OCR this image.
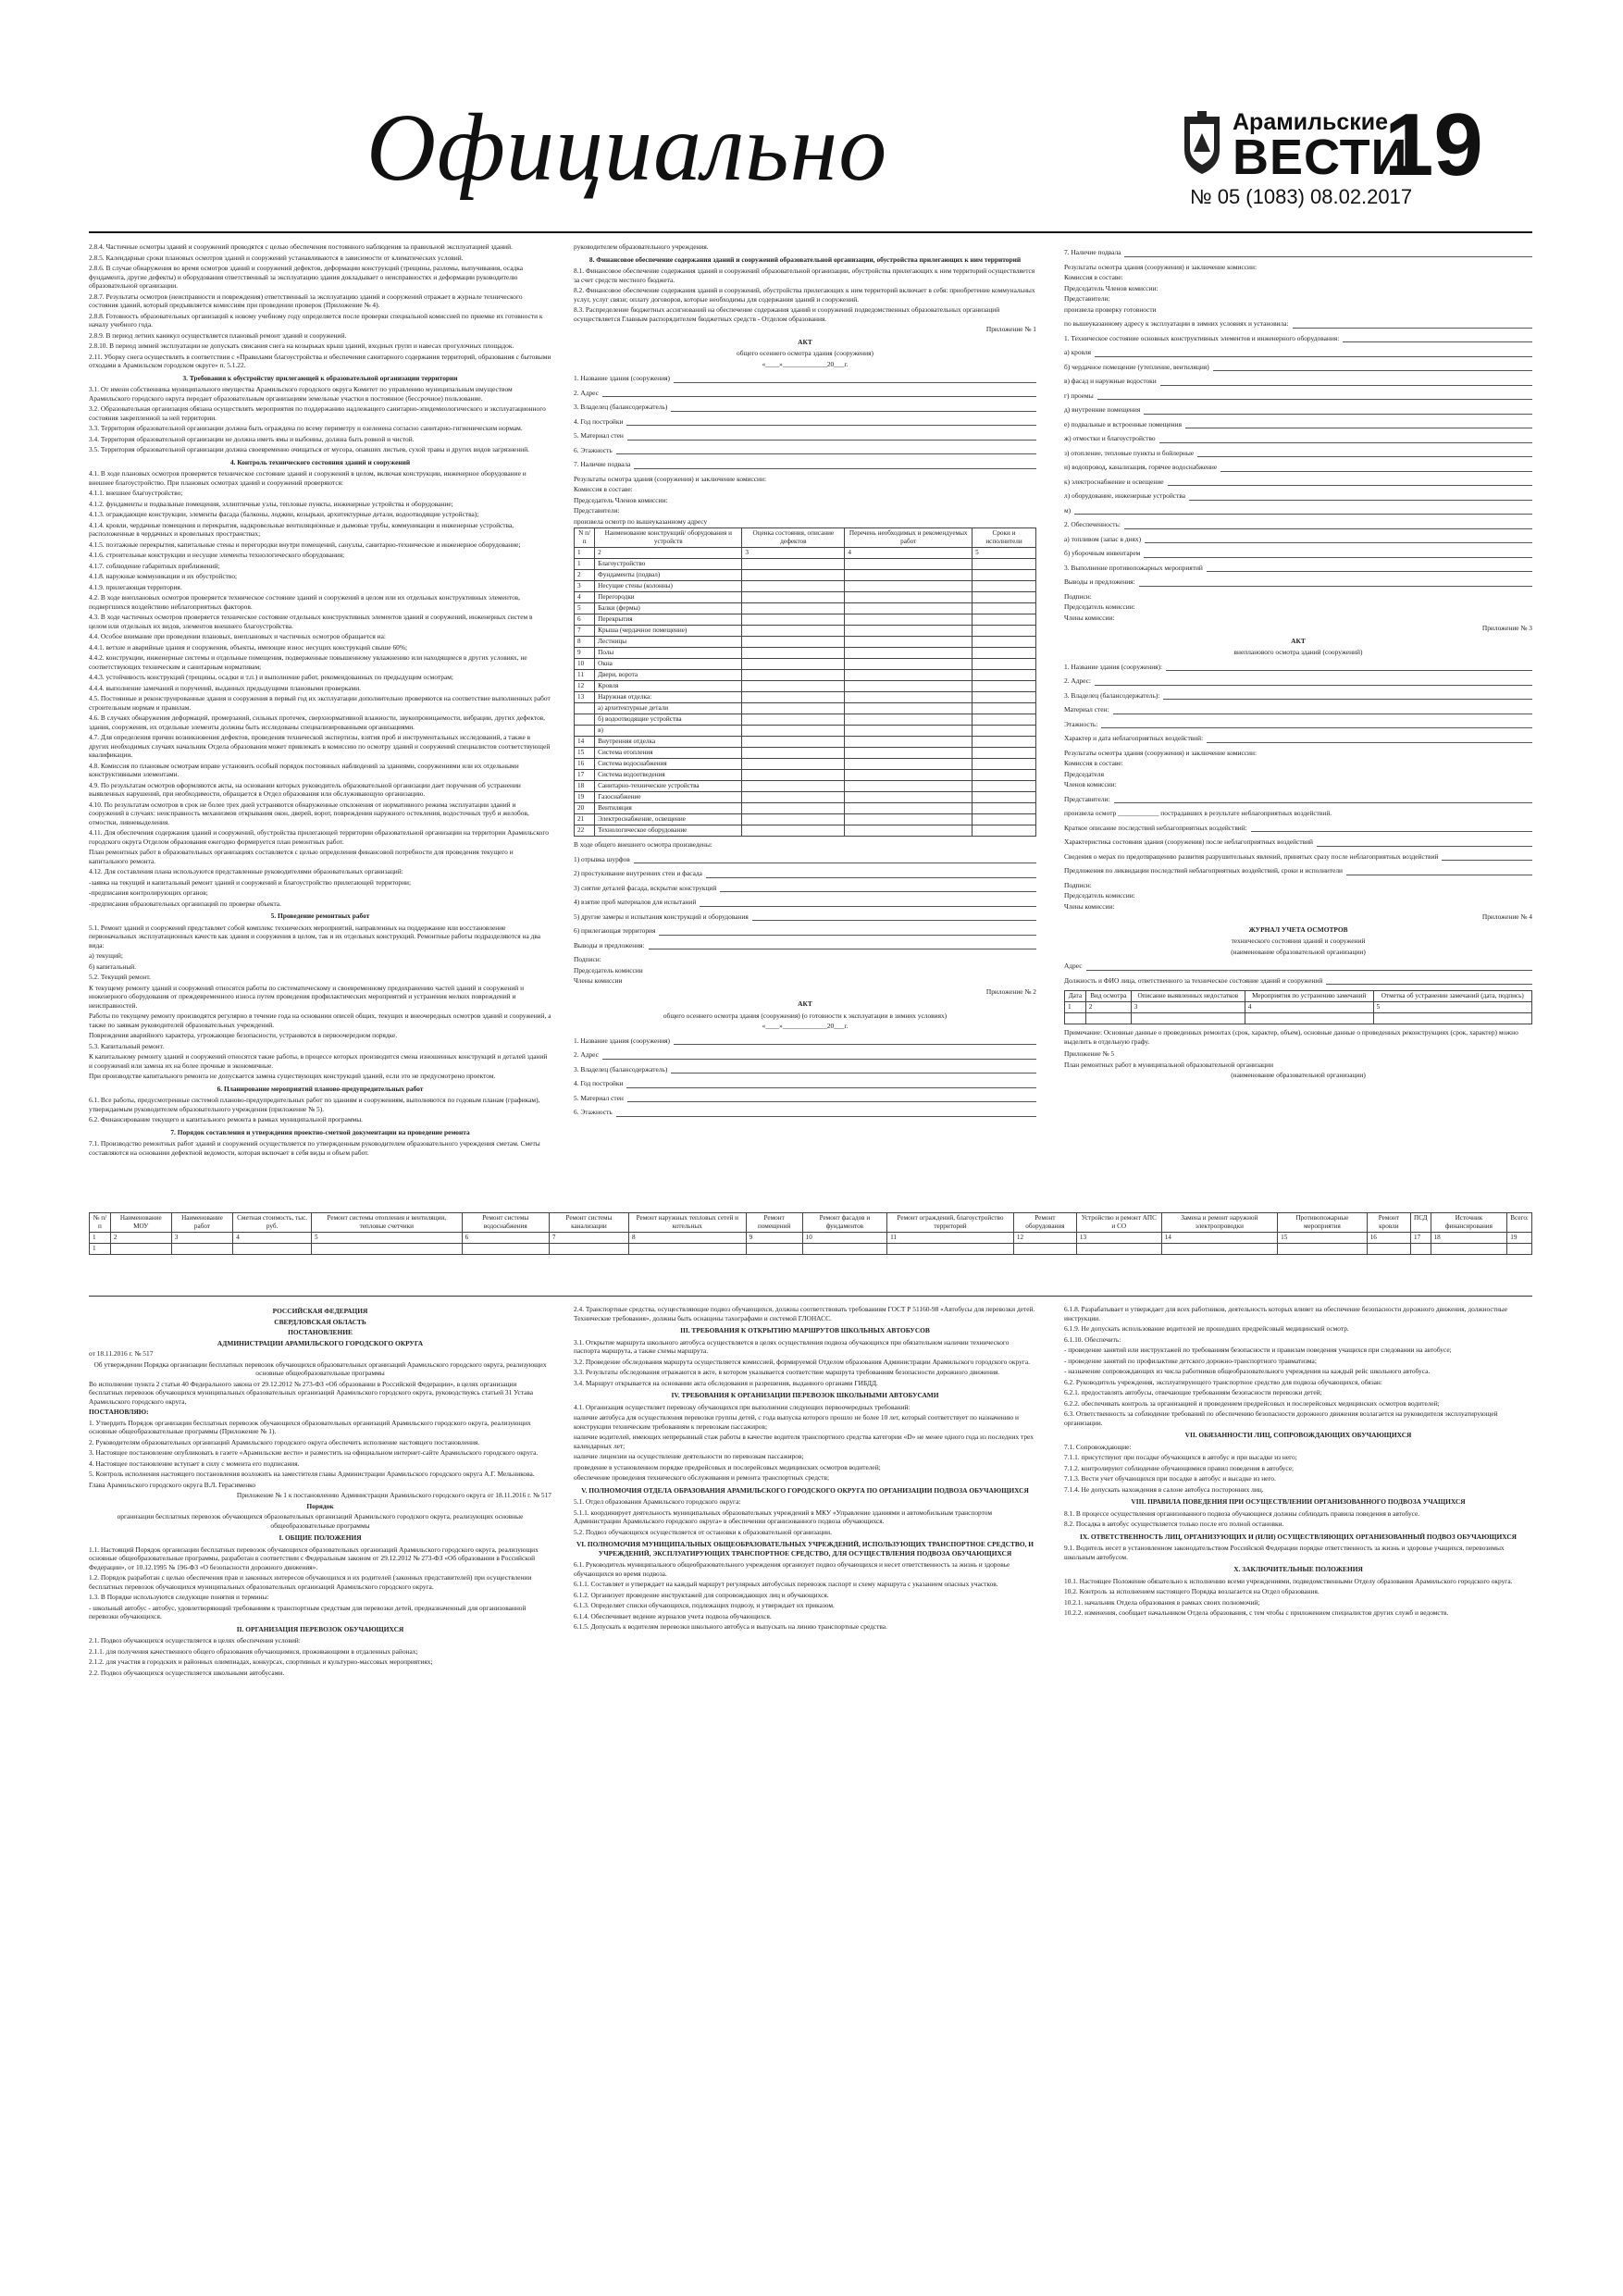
Официально	Арамильские
ВЕСТИ
№ 05 (1083) 08.02.2017
19

2.8.4. Частичные осмотры зданий и сооружений проводятся с целью обеспечения постоянного наблюдения за правильной эксплуатацией зданий.

2.8.5. Календарные сроки плановых осмотров зданий и сооружений устанавливаются в зависимости от климатических условий.

2.8.6. В случае обнаружения во время осмотров зданий и сооружений дефектов, деформации конструкций (трещины, разломы, выпучивания, осадка фундамента, другие дефекты) и оборудования ответственный за эксплуатацию здания докладывает о неисправностях и деформации руководителю образовательной организации.

2.8.7. Результаты осмотров (неисправности и повреждения) ответственный за эксплуатацию зданий и сооружений отражает в журнале технического состояния зданий, который предъявляется комиссиям при проведении проверок (Приложение № 4).

2.8.8. Готовность образовательных организаций к новому учебному году определяется после проверки специальной комиссией по приемке их готовности к началу учебного года.

2.8.9. В период летних каникул осуществляется плановый ремонт зданий и сооружений.

2.8.10. В период зимней эксплуатации не допускать свисания снега на козырьках крыш зданий, входных групп и навесах прогулочных площадок.

2.11. Уборку снега осуществлять в соответствии с «Правилами благоустройства и обеспечения санитарного содержания территорий, образования с бытовыми отходами в Арамильском городском округе» п. 5.1.22.

3. Требования к обустройству прилегающей к образовательной организации территории

3.1. От имени собственника муниципального имущества Арамильского городского округа Комитет по управлению муниципальным имуществом Арамильского городского округа передает образовательным организациям земельные участки в постоянное (бессрочное) пользование.

3.2. Образовательная организация обязана осуществлять мероприятия по поддержанию надлежащего санитарно-эпидемиологического и эксплуатационного состояния закрепленной за ней территории.

3.3. Территория образовательной организации должна быть ограждена по всему периметру и озеленена согласно санитарно-гигиеническим нормам.

3.4. Территория образовательной организации не должна иметь ямы и выбоины, должна быть ровной и чистой.

3.5. Территория образовательной организации должна своевременно очищаться от мусора, опавших листьев, сухой травы и других видов загрязнений.

4. Контроль технического состояния зданий и сооружений

4.1. В ходе плановых осмотров проверяется техническое состояние зданий и сооружений в целом, включая конструкции, инженерное оборудование и внешнее благоустройство. При плановых осмотрах зданий и сооружений проверяются:

4.1.1. внешнее благоустройство;

4.1.2. фундаменты и подвальные помещения, эллиптичные узлы, тепловые пункты, инженерные устройства и оборудование;

4.1.3. ограждающие конструкции, элементы фасада (балконы, лоджии, козырьки, архитектурные детали, водоотводящие устройства);

4.1.4. кровли, чердачные помещения и перекрытия, надкровельные вентиляционные и дымовые трубы, коммуникации и инженерные устройства, расположенные в чердачных и кровельных пространствах;

4.1.5. поэтажные перекрытия, капитальные стены и перегородки внутри помещений, санузлы, санитарно-технические и инженерное оборудование;

4.1.6. строительные конструкции и несущие элементы технологического оборудования;

4.1.7. соблюдение габаритных приближений;

4.1.8. наружные коммуникации и их обустройство;

4.1.9. прилегающая территория.

4.2. В ходе внеплановых осмотров проверяется техническое состояние зданий и сооружений в целом или их отдельных конструктивных элементов, подвергшихся воздействию неблагоприятных факторов.

4.3. В ходе частичных осмотров проверяется техническое состояние отдельных конструктивных элементов зданий и сооружений, инженерных систем в целом или отдельных их видов, элементов внешнего благоустройства.

4.4. Особое внимание при проведении плановых, внеплановых и частичных осмотров обращается на:

4.4.1. ветхие и аварийные здания и сооружения, объекты, имеющие износ несущих конструкций свыше 60%;

4.4.2. конструкции, инженерные системы и отдельные помещения, подверженные повышенному увлажнению или находящиеся в других условиях, не соответствующих техническим и санитарным нормативам;

4.4.3. устойчивость конструкций (трещины, осадки и т.п.) и выполнение работ, рекомендованных по предыдущим осмотрам;

4.4.4. выполнение замечаний и поручений, выданных предыдущими плановыми проверками.

4.5. Постоянные и реконструированные здания и сооружения в первый год их эксплуатации дополнительно проверяются на соответствие выполненных работ строительным нормам и правилам.

4.6. В случаях обнаружения деформаций, промерзаний, сильных протечек, сверхнормативной влажности, звукопроницаемости, вибрации, других дефектов, здания, сооружения, их отдельные элементы должны быть исследованы специализированными организациями.

4.7. Для определения причин возникновения дефектов, проведения технической экспертизы, взятия проб и инструментальных исследований, а также в других необходимых случаях начальник Отдела образования может привлекать в комиссию по осмотру зданий и сооружений специалистов соответствующей квалификации.

4.8. Комиссия по плановым осмотрам вправе установить особый порядок постоянных наблюдений за зданиями, сооружениями или их отдельными конструктивными элементами.

4.9. По результатам осмотров оформляются акты, на основании которых руководитель образовательной организации дает поручения об устранении выявленных нарушений, при необходимости, обращается в Отдел образования или обслуживающую организацию.

4.10. По результатам осмотров в срок не более трех дней устраняются обнаруженные отклонения от нормативного режима эксплуатации зданий и сооружений в случаях: неисправность механизмов открывания окон, дверей, ворот, повреждения наружного остекления, водосточных труб и желобов, отмостки, ливневыделения.

4.11. Для обеспечения содержания зданий и сооружений, обустройства прилегающей территории образовательной организации на территории Арамильского городского округа Отделом образования ежегодно формируется план ремонтных работ.

План ремонтных работ в образовательных организациях составляется с целью определения финансовой потребности для проведения текущего и капитального ремонта.

4.12. Для составления плана используются представленные руководителями образовательных организаций:

-заявка на текущий и капитальный ремонт зданий и сооружений и благоустройство прилегающей территории;

-предписания контролирующих органов;

-предписания образовательных организаций по проверке объекта.

5. Проведение ремонтных работ

5.1. Ремонт зданий и сооружений представляет собой комплекс технических мероприятий, направленных на поддержание или восстановление первоначальных эксплуатационных качеств как здания и сооружения в целом, так и их отдельных конструкций. Ремонтные работы подразделяются на два вида:

а) текущий;

б) капитальный.

5.2. Текущий ремонт.

К текущему ремонту зданий и сооружений относятся работы по систематическому и своевременному предохранению частей зданий и сооружений и инженерного оборудования от преждевременного износа путем проведения профилактических мероприятий и устранения мелких повреждений и неисправностей.

Работы по текущему ремонту производятся регулярно в течение года на основании описей общих, текущих и внеочередных осмотров зданий и сооружений, а также по заявкам руководителей образовательных учреждений.

Повреждения аварийного характера, угрожающие безопасности, устраняются в первоочередном порядке.

5.3. Капитальный ремонт.

К капитальному ремонту зданий и сооружений относятся такие работы, в процессе которых производится смена изношенных конструкций и деталей зданий и сооружений или замена их на более прочные и экономичные.

При производстве капитального ремонта не допускается замена существующих конструкций зданий, если это не предусмотрено проектом.

6. Планирование мероприятий планово-предупредительных работ

6.1. Все работы, предусмотренные системой планово-предупредительных работ по зданиям и сооружениям, выполняются по годовым планам (графикам), утверждаемым руководителем образовательного учреждения (приложение № 5).

6.2. Финансирование текущего и капитального ремонта в рамках муниципальной программы.

7. Порядок составления и утверждения проектно-сметной документации на проведение ремонта

7.1. Производство ремонтных работ зданий и сооружений осуществляется по утвержденным руководителем образовательного учреждения сметам. Сметы составляются на основании дефектной ведомости, которая включает в себя виды и объем работ.

руководителем образовательного учреждения.

8. Финансовое обеспечение содержания зданий и сооружений образовательной организации, обустройства прилегающих к ним территорий

8.1. Финансовое обеспечение содержания зданий и сооружений образовательной организации, обустройства прилегающих к ним территорий осуществляется за счет средств местного бюджета.

8.2. Финансовое обеспечение содержания зданий и сооружений, обустройства прилегающих к ним территорий включает в себя: приобретение коммунальных услуг, услуг связи; оплату договоров, которые необходимы для содержания зданий и сооружений.

8.3. Распределение бюджетных ассигнований на обеспечение содержания зданий и сооружений подведомственных образовательных организаций осуществляется Главным распорядителем бюджетных средств - Отделом образования.

Приложение № 1

АКТ

общего осеннего осмотра здания (сооружения)

«____»_____________20___г.

1. Название здания (сооружения)
2. Адрес
3. Владелец (балансодержатель)
4. Год постройки
5. Материал стен
6. Этажность
7. Наличие подвала

Результаты осмотра здания (сооружения) и заключение комиссии:

Комиссия в составе:

Председатель Членов комиссии:

Представители:

произвела осмотр по вышеуказанному адресу

N п/п	Наименование конструкций/ оборудования и устройств	Оценка состояния, описание дефектов	Перечень необходимых и рекомендуемых работ	Сроки и исполнители
1	2	3	4	5
1	Благоустройство			
2	Фундаменты (подвал)			
3	Несущие стены (колонны)			
4	Перегородки			
5	Балки (фермы)			
6	Перекрытия			
7	Крыша (чердачное помещение)			
8	Лестницы			
9	Полы			
10	Окна			
11	Двери, ворота			
12	Кровля			
13	Наружная отделка:			
	а) архитектурные детали			
	б) водоотводящие устройства			
	в)			
14	Внутренняя отделка			
15	Система отопления			
16	Система водоснабжения			
17	Система водоотведения			
18	Санитарно-технические устройства			
19	Газоснабжение			
20	Вентиляция			
21	Электроснабжение, освещение			
22	Технологическое оборудование			

В ходе общего внешнего осмотра произведены:

1) отрывка шурфов
2) простукивание внутренних стен и фасада
3) снятие деталей фасада, вскрытие конструкций
4) взятие проб материалов для испытаний
5) другие замеры и испытания конструкций и оборудования
6) прилегающая территория
Выводы и предложения:

Подписи:

Председатель комиссии

Члены комиссии

Приложение № 2

АКТ

общего осеннего осмотра здания (сооружения) (о готовности к эксплуатации в зимних условиях)

«____»_____________20___г.

1. Название здания (сооружения)
2. Адрес
3. Владелец (балансодержатель)
4. Год постройки
5. Материал стен
6. Этажность
7. Наличие подвала

Результаты осмотра здания (сооружения) и заключение комиссии:

Комиссия в составе:

Председатель Членов комиссии:

Представители:

произвела проверку готовности

по вышеуказанному адресу к эксплуатации в зимних условиях и установила:
1. Техническое состояние основных конструктивных элементов и инженерного оборудования:
а) кровля
б) чердачное помещение (утепление, вентиляция)
в) фасад и наружные водостоки
г) проемы
д) внутренние помещения
е) подвальные и встроенные помещения
ж) отмостки и благоустройство
з) отопление, тепловые пункты и бойлерные
и) водопровод, канализация, горячее водоснабжение
к) электроснабжение и освещение
л) оборудование, инженерные устройства
м)
2. Обеспеченность:
а) топливом (запас в днях)
б) уборочным инвентарем
3. Выполнение противопожарных мероприятий
Выводы и предложения:

Подписи:

Председатель комиссии:

Члены комиссии:

Приложение № 3

АКТ

внепланового осмотра зданий (сооружений)

1. Название здания (сооружения):
2. Адрес:
3. Владелец (балансодержатель):
Материал стен:
Этажность:
Характер и дата неблагоприятных воздействий:

Результаты осмотра здания (сооружения) и заключение комиссии:

Комиссия в составе:

Председателя

Членов комиссии:

Представители:

произвела осмотр ____________ пострадавших в результате неблагоприятных воздействий.

Краткое описание последствий неблагоприятных воздействий:
Характеристика состояния здания (сооружения) после неблагоприятных воздействий
Сведения о мерах по предотвращению развития разрушительных явлений, принятых сразу после неблагоприятных воздействий
Предложения по ликвидации последствий неблагоприятных воздействий, сроки и исполнители

Подписи:

Председатель комиссии:

Члены комиссии:

Приложение № 4

ЖУРНАЛ УЧЕТА ОСМОТРОВ

технического состояния зданий и сооружений

(наименование образовательной организации)

Адрес
Должность и ФИО лица, ответственного за техническое состояние зданий и сооружений
Дата	Вид осмотра	Описание выявленных недостатков	Мероприятия по устранению замечаний	Отметка об устранении замечаний (дата, подпись)
1	2	3	4	5

Примечание: Основные данные о проведенных ремонтах (срок, характер, объем), основные данные о проведенных реконструкциях (срок, характер) можно выделить в отдельную графу.

Приложение № 5

План ремонтных работ в муниципальной образовательной организации

(наименование образовательной организации)

№ п/п	Наименование МОУ	Наименование работ	Сметная стоимость, тыс. руб.	Ремонт системы отопления и вентиляции, тепловые счетчики	Ремонт системы водоснабжения	Ремонт системы канализации	Ремонт наружных тепловых сетей и котельных	Ремонт помещений	Ремонт фасадов и фундаментов	Ремонт ограждений, благоустройство территорий	Ремонт оборудования	Устройство и ремонт АПС и СО	Замена и ремонт наружной электропроводки	Противопожарные мероприятия	Ремонт кровли	ПСД	Источник финансирования	Всего:
1	2	3	4	5	6	7	8	9	10	11	12	13	14	15	16	17	18	19
1																		

РОССИЙСКАЯ ФЕДЕРАЦИЯ

СВЕРДЛОВСКАЯ ОБЛАСТЬ

ПОСТАНОВЛЕНИЕ

АДМИНИСТРАЦИИ АРАМИЛЬСКОГО ГОРОДСКОГО ОКРУГА

от 18.11.2016 г. № 517

Об утверждении Порядка организации бесплатных перевозок обучающихся образовательных организаций Арамильского городского округа, реализующих основные общеобразовательные программы

Во исполнение пункта 2 статьи 40 Федерального закона от 29.12.2012 № 273-ФЗ «Об образовании в Российской Федерации», в целях организации бесплатных перевозок обучающихся муниципальных образовательных организаций Арамильского городского округа, руководствуясь статьей 31 Устава Арамильского городского округа,

ПОСТАНОВЛЯЮ:

1. Утвердить Порядок организации бесплатных перевозок обучающихся образовательных организаций Арамильского городского округа, реализующих основные общеобразовательные программы (Приложение № 1).

2. Руководителям образовательных организаций Арамильского городского округа обеспечить исполнение настоящего постановления.

3. Настоящее постановление опубликовать в газете «Арамильские вести» и разместить на официальном интернет-сайте Арамильского городского округа.

4. Настоящее постановление вступает в силу с момента его подписания.

5. Контроль исполнения настоящего постановления возложить на заместителя главы Администрации Арамильского городского округа А.Г. Мельникова.

Глава Арамильского городского округа В.Л. Герасименко

Приложение № 1 к постановлению Администрации Арамильского городского округа от 18.11.2016 г. № 517

Порядок

организации бесплатных перевозок обучающихся образовательных организаций Арамильского городского округа, реализующих основные общеобразовательные программы

I. ОБЩИЕ ПОЛОЖЕНИЯ

1.1. Настоящий Порядок организации бесплатных перевозок обучающихся образовательных организаций Арамильского городского округа, реализующих основные общеобразовательные программы, разработан в соответствии с Федеральным законом от 29.12.2012 № 273-ФЗ «Об образовании в Российской Федерации», от 10.12.1995 № 196-ФЗ «О безопасности дорожного движения».

1.2. Порядок разработан с целью обеспечения прав и законных интересов обучающихся и их родителей (законных представителей) при осуществлении бесплатных перевозок обучающихся муниципальных образовательных организаций Арамильского городского округа.

1.3. В Порядке используются следующие понятия и термины:

- школьный автобус - автобус, удовлетворяющий требованиям к транспортным средствам для перевозки детей, предназначенный для организованной перевозки обучающихся.

II. ОРГАНИЗАЦИЯ ПЕРЕВОЗОК ОБУЧАЮЩИХСЯ

2.1. Подвоз обучающихся осуществляется в целях обеспечения условий:

2.1.1. для получения качественного общего образования обучающимися, проживающими в отдаленных районах;

2.1.2. для участия в городских и районных олимпиадах, конкурсах, спортивных и культурно-массовых мероприятиях;

2.2. Подвоз обучающихся осуществляется школьными автобусами.

2.4. Транспортные средства, осуществляющие подвоз обучающихся, должны соответствовать требованиям ГОСТ Р 51160-98 «Автобусы для перевозки детей. Технические требования», должны быть оснащены тахографами и системой ГЛОНАСС.

III. ТРЕБОВАНИЯ К ОТКРЫТИЮ МАРШРУТОВ ШКОЛЬНЫХ АВТОБУСОВ

3.1. Открытие маршрута школьного автобуса осуществляется в целях осуществления подвоза обучающихся при обязательном наличии технического паспорта маршрута, а также схемы маршрута.

3.2. Проведение обследования маршрута осуществляется комиссией, формируемой Отделом образования Администрации Арамильского городского округа.

3.3. Результаты обследования отражаются в акте, в котором указывается соответствие маршрута требованиям безопасности дорожного движения.

3.4. Маршрут открывается на основании акта обследования и разрешения, выданного органами ГИБДД.

IV. ТРЕБОВАНИЯ К ОРГАНИЗАЦИИ ПЕРЕВОЗОК ШКОЛЬНЫМИ АВТОБУСАМИ

4.1. Организация осуществляет перевозку обучающихся при выполнении следующих первоочередных требований:

наличие автобуса для осуществления перевозки группы детей, с года выпуска которого прошло не более 10 лет, который соответствует по назначению и конструкции техническим требованиям к перевозкам пассажиров;

наличие водителей, имеющих непрерывный стаж работы в качестве водителя транспортного средства категории «D» не менее одного года из последних трех календарных лет;

наличие лицензии на осуществление деятельности по перевозкам пассажиров;

проведение в установленном порядке предрейсовых и послерейсовых медицинских осмотров водителей;

обеспечение проведения технического обслуживания и ремонта транспортных средств;

V. ПОЛНОМОЧИЯ ОТДЕЛА ОБРАЗОВАНИЯ АРАМИЛЬСКОГО ГОРОДСКОГО ОКРУГА ПО ОРГАНИЗАЦИИ ПОДВОЗА ОБУЧАЮЩИХСЯ

5.1. Отдел образования Арамильского городского округа:

5.1.1. координирует деятельность муниципальных образовательных учреждений в МКУ «Управление зданиями и автомобильным транспортом Администрации Арамильского городского округа» в обеспечении организованного подвоза обучающихся.

5.2. Подвоз обучающихся осуществляется от остановки к образовательной организации.

VI. ПОЛНОМОЧИЯ МУНИЦИПАЛЬНЫХ ОБЩЕОБРАЗОВАТЕЛЬНЫХ УЧРЕЖДЕНИЙ, ИСПОЛЬЗУЮЩИХ ТРАНСПОРТНОЕ СРЕДСТВО, И УЧРЕЖДЕНИЙ, ЭКСПЛУАТИРУЮЩИХ ТРАНСПОРТНОЕ СРЕДСТВО, ДЛЯ ОСУЩЕСТВЛЕНИЯ ПОДВОЗА ОБУЧАЮЩИХСЯ

6.1. Руководитель муниципального общеобразовательного учреждения организует подвоз обучающихся и несет ответственность за жизнь и здоровье обучающихся во время подвоза.

6.1.1. Составляет и утверждает на каждый маршрут регулярных автобусных перевозок паспорт и схему маршрута с указанием опасных участков.

6.1.2. Организует проведение инструктажей для сопровождающих лиц и обучающихся.

6.1.3. Определяет списки обучающихся, подлежащих подвозу, и утверждает их приказом.

6.1.4. Обеспечивает ведение журналов учета подвоза обучающихся.

6.1.5. Допускать к водителям перевозки школьного автобуса и выпускать на линию транспортные средства.

6.1.8. Разрабатывает и утверждает для всех работников, деятельность которых влияет на обеспечение безопасности дорожного движения, должностные инструкции.

6.1.9. Не допускать использование водителей не прошедших предрейсовый медицинский осмотр.

6.1.10. Обеспечить:

- проведение занятий или инструктажей по требованиям безопасности и правилам поведения учащихся при следовании на автобусе;

- проведение занятий по профилактике детского дорожно-транспортного травматизма;

- назначение сопровождающих из числа работников общеобразовательного учреждения на каждый рейс школьного автобуса.

6.2. Руководитель учреждения, эксплуатирующего транспортное средство для подвоза обучающихся, обязан:

6.2.1. предоставлять автобусы, отвечающие требованиям безопасности перевозки детей;

6.2.2. обеспечивать контроль за организацией и проведением предрейсовых и послерейсовых медицинских осмотров водителей;

6.3. Ответственность за соблюдение требований по обеспечению безопасности дорожного движения возлагается на руководителя эксплуатирующей организации.

VII. ОБЯЗАННОСТИ ЛИЦ, СОПРОВОЖДАЮЩИХ ОБУЧАЮЩИХСЯ

7.1. Сопровождающие:

7.1.1. присутствуют при посадке обучающихся в автобус и при высадке из него;

7.1.2. контролируют соблюдение обучающимися правил поведения в автобусе;

7.1.3. Вести учет обучающихся при посадке в автобус и высадке из него.

7.1.4. Не допускать нахождения в салоне автобуса посторонних лиц.

VIII. ПРАВИЛА ПОВЕДЕНИЯ ПРИ ОСУЩЕСТВЛЕНИИ ОРГАНИЗОВАННОГО ПОДВОЗА УЧАЩИХСЯ

8.1. В процессе осуществления организованного подвоза обучающиеся должны соблюдать правила поведения в автобусе.

8.2. Посадка в автобус осуществляется только после его полной остановки.

IX. ОТВЕТСТВЕННОСТЬ ЛИЦ, ОРГАНИЗУЮЩИХ И (ИЛИ) ОСУЩЕСТВЛЯЮЩИХ ОРГАНИЗОВАННЫЙ ПОДВОЗ ОБУЧАЮЩИХСЯ

9.1. Водитель несет в установленном законодательством Российской Федерации порядке ответственность за жизнь и здоровье учащихся, перевозимых школьным автобусом.

X. ЗАКЛЮЧИТЕЛЬНЫЕ ПОЛОЖЕНИЯ

10.1. Настоящее Положение обязательно к исполнению всеми учреждениями, подведомственными Отделу образования Арамильского городского округа.

10.2. Контроль за исполнением настоящего Порядка возлагается на Отдел образования.

10.2.1. начальник Отдела образования в рамках своих полномочий;

10.2.2. изменения, сообщает начальником Отдела образования, с тем чтобы с приложением специалистов других служб и ведомств.
